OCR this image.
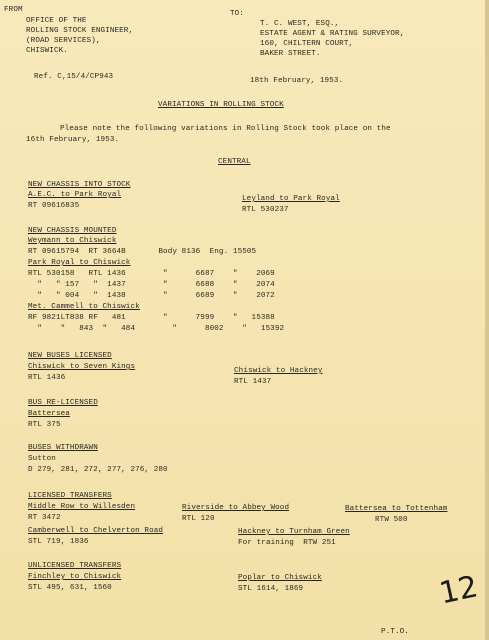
FROM
OFFICE OF THE
ROLLING STOCK ENGINEER,
(ROAD SERVICES),
CHISWICK.
TO:
T. C. WEST, ESQ.,
ESTATE AGENT & RATING SURVEYOR,
160, CHILTERN COURT,
BAKER STREET.
Ref. C,15/4/CP943	18th February, 1953.
VARIATIONS IN ROLLING STOCK
Please note the following variations in Rolling Stock took place on the
16th February, 1953.
CENTRAL
NEW CHASSIS INTO STOCK
A.E.C. to Park Royal
RT 09616835
Leyland to Park Royal
RTL 530237
NEW CHASSIS MOUNTED
Weymann to Chiswick
RT 09615794  RT 3664B       Body 8136  Eng. 15505
Park Royal to Chiswick
RTL 530158   RTL 1436        "      6687    "    2069
"   " 157   "  1437        "      6688    "    2074
"   " 004   "  1438        "      6689    "    2072
Met. Cammell to Chiswick
RF 9821LT838 RF   481        "      7999    "   15388
"    "   843  "   484        "      8002    "   15392
NEW BUSES LICENSED
Chiswick to Seven Kings
RTL 1436
Chiswick to Hackney
RTL 1437
BUS RE-LICENSED
Battersea
RTL 375
BUSES WITHDRAWN
Sutton
D 279, 281, 272, 277, 276, 280
LICENSED TRANSFERS
Middle Row to Willesden
RT 3472
Riverside to Abbey Wood
RTL 120
Battersea to Tottenham
RTW 500
Camberwell to Chelverton Road
STL 719, 1836
Hackney to Turnham Green
For training  RTW 251
UNLICENSED TRANSFERS
Finchley to Chiswick
STL 495, 631, 1560
Poplar to Chiswick
STL 1614, 1869	12
P.T.O.
